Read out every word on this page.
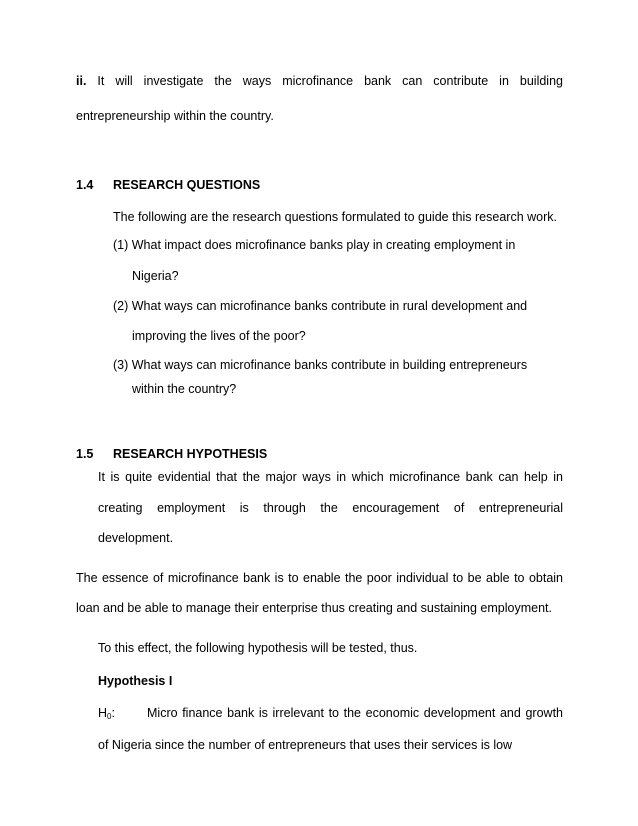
ii. It will investigate the ways microfinance bank can contribute in building
entrepreneurship within the country.
1.4 RESEARCH QUESTIONS
The following are the research questions formulated to guide this research work.
(1) What impact does microfinance banks play in creating employment in
Nigeria?
(2) What ways can microfinance banks contribute in rural development and
improving the lives of the poor?
(3) What ways can microfinance banks contribute in building entrepreneurs
within the country?
1.5 RESEARCH HYPOTHESIS
It is quite evidential that the major ways in which microfinance bank can help in
creating employment is through the encouragement of entrepreneurial
development.
The essence of microfinance bank is to enable the poor individual to be able to obtain
loan and be able to manage their enterprise thus creating and sustaining employment.
To this effect, the following hypothesis will be tested, thus.
Hypothesis I
$H_0$:	Micro finance bank is irrelevant to the economic development and growth
of Nigeria since the number of entrepreneurs that uses their services is low
